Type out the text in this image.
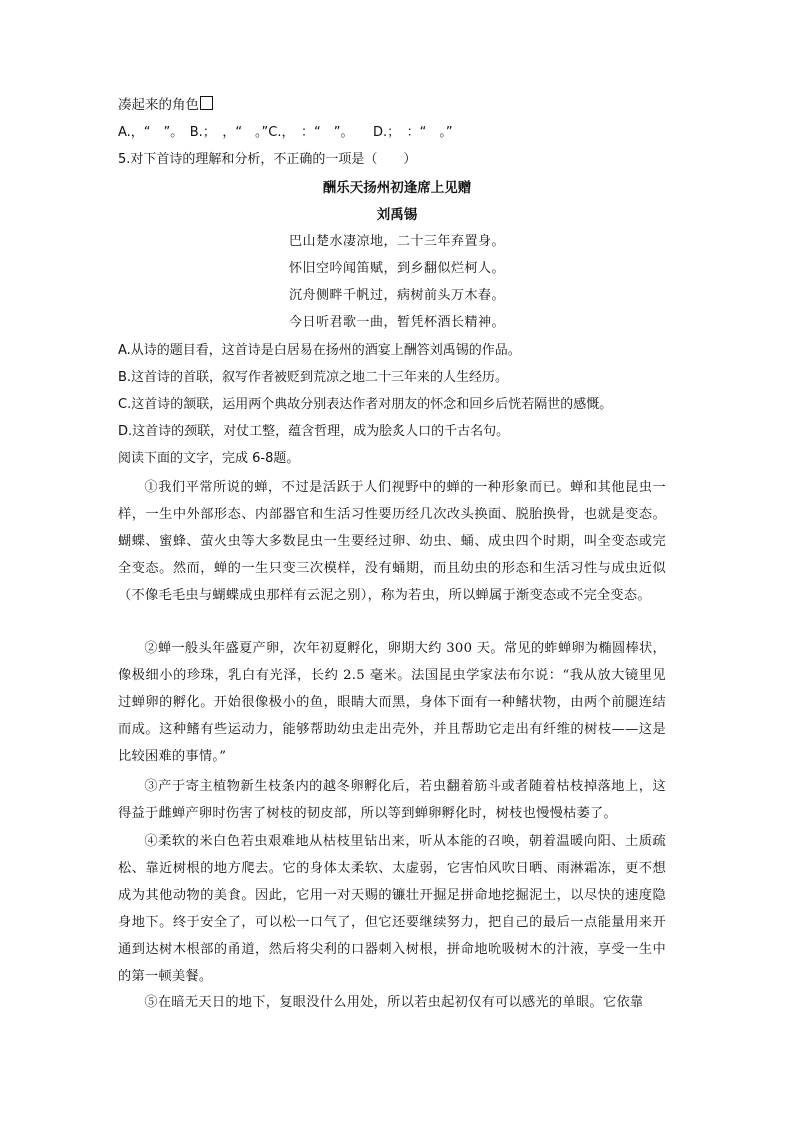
凑起来的角色
A.，“　”。　B.；　，“　。”C.，　：“　”。　　D.；　：“　。”
5.对下首诗的理解和分析，不正确的一项是（　　）
酬乐天扬州初逢席上见赠
刘禹锡
巴山楚水凄凉地，二十三年弃置身。
怀旧空吟闻笛赋，到乡翻似烂柯人。
沉舟侧畔千帆过，病树前头万木春。
今日听君歌一曲，暂凭杯酒长精神。
A.从诗的题目看，这首诗是白居易在扬州的酒宴上酬答刘禹锡的作品。
B.这首诗的首联，叙写作者被贬到荒凉之地二十三年来的人生经历。
C.这首诗的颔联，运用两个典故分别表达作者对朋友的怀念和回乡后恍若隔世的感慨。
D.这首诗的颈联，对仗工整，蕴含哲理，成为脍炙人口的千古名句。
阅读下面的文字，完成 6-8题。
①我们平常所说的蝉，不过是活跃于人们视野中的蝉的一种形象而已。蝉和其他昆虫一样，一生中外部形态、内部器官和生活习性要历经几次改头换面、脱胎换骨，也就是变态。蝴蝶、蜜蜂、萤火虫等大多数昆虫一生要经过卵、幼虫、蛹、成虫四个时期，叫全变态或完全变态。然而，蝉的一生只变三次模样，没有蛹期，而且幼虫的形态和生活习性与成虫近似（不像毛毛虫与蝴蝶成虫那样有云泥之别），称为若虫，所以蝉属于渐变态或不完全变态。
②蝉一般头年盛夏产卵，次年初夏孵化，卵期大约 300 天。常见的蚱蝉卵为椭圆棒状，像极细小的珍珠，乳白有光泽，长约 2.5 毫米。法国昆虫学家法布尔说：“我从放大镜里见过蝉卵的孵化。开始很像极小的鱼，眼睛大而黑，身体下面有一种鳍状物，由两个前腿连结而成。这种鳍有些运动力，能够帮助幼虫走出壳外，并且帮助它走出有纤维的树枝——这是比较困难的事情。”
③产于寄主植物新生枝条内的越冬卵孵化后，若虫翻着筋斗或者随着枯枝掉落地上，这得益于雌蝉产卵时伤害了树枝的韧皮部，所以等到蝉卵孵化时，树枝也慢慢枯萎了。
④柔软的米白色若虫艰难地从枯枝里钻出来，听从本能的召唤，朝着温暖向阳、土质疏松、靠近树根的地方爬去。它的身体太柔软、太虚弱，它害怕风吹日晒、雨淋霜冻，更不想成为其他动物的美食。因此，它用一对天赐的镰壮开掘足拼命地挖掘泥土，以尽快的速度隐身地下。终于安全了，可以松一口气了，但它还要继续努力，把自己的最后一点能量用来开通到达树木根部的甬道，然后将尖利的口器刺入树根，拼命地吮吸树木的汁液，享受一生中的第一顿美餐。
⑤在暗无天日的地下，复眼没什么用处，所以若虫起初仅有可以感光的单眼。它依靠
